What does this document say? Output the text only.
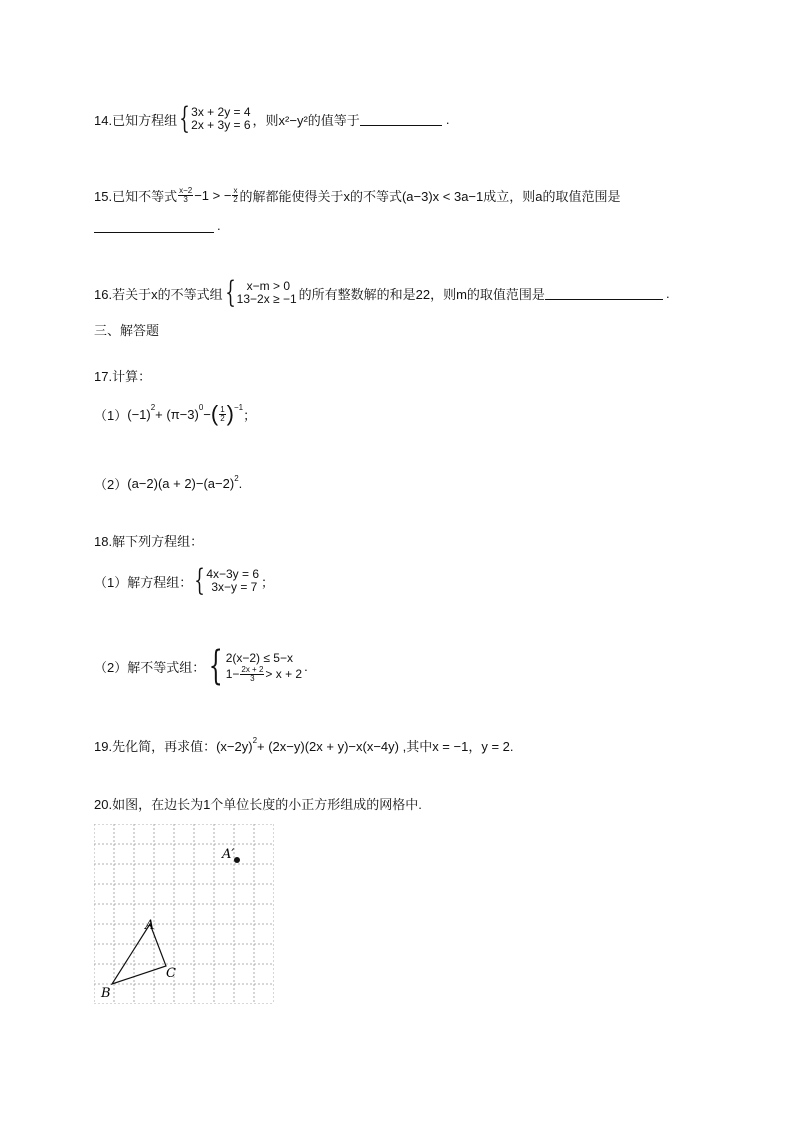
14.已知方程组 { 3x + 2y = 4
2x + 3y = 6 ，则x²−y²的值等于	.
15.已知不等式 $\frac{x-2}{3} -1$ > − $\frac{x}{2}$ 的解都能使得关于x的不等式(a−3)x < 3a−1成立，则a的取值范围是
.
16.若关于x的不等式组 { x−m > 0
13−2x ≥ −1 的所有整数解的和是22，则m的取值范围是	.
三、解答题
17.计算：
（1） $(-1)^2 + (\pi-3)^0$ − ( $\frac{1}{2} )^{-1}$ ；
（2） $(a-2)(a + 2)-(a-2)^2$ .
18.解下列方程组：
（1）解方程组： { 4x−3y = 6
3x−y = 7 ；
（2）解不等式组： { 2(x−2) ≤ 5−x
$1- \frac{2x + 2}{3} > x + 2$
.
19.先化简，再求值：$(x-2y)^2 + (2x-y)(2x + y)-x(x-4y)$ ,其中x = −1，y = 2.
20.如图，在边长为1个单位长度的小正方形组成的网格中.
A′
A
B
C
